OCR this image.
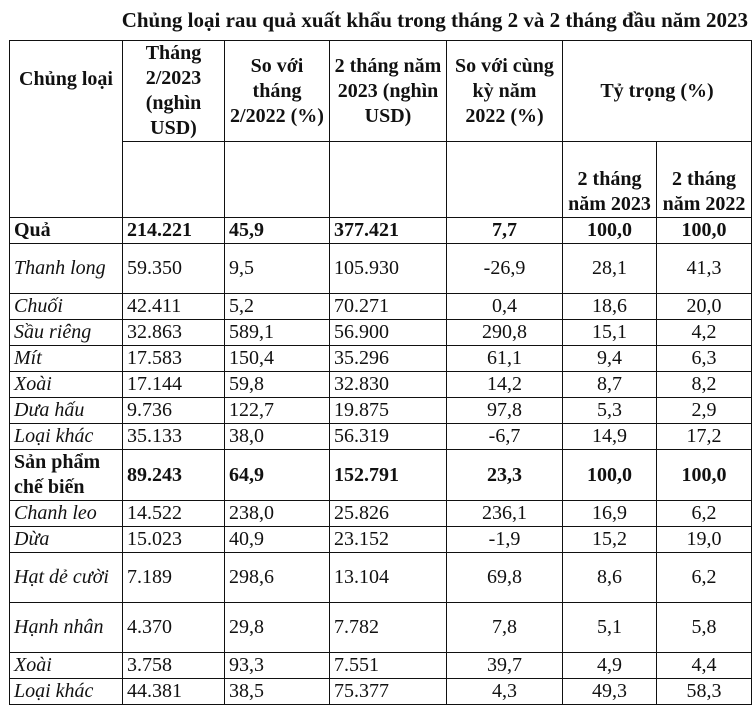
Chủng loại rau quả xuất khẩu trong tháng 2 và 2 tháng đầu năm 2023
Chủng loại	Tháng 2/2023 (nghìn USD)	So với tháng 2/2022 (%)	2 tháng năm 2023 (nghìn USD)	So với cùng kỳ năm 2022 (%)	Tỷ trọng (%)	
					2 tháng năm 2023	2 tháng năm 2022
Quả	214.221	45,9	377.421	7,7	100,0	100,0
Thanh long	59.350	9,5	105.930	-26,9	28,1	41,3
Chuối	42.411	5,2	70.271	0,4	18,6	20,0
Sầu riêng	32.863	589,1	56.900	290,8	15,1	4,2
Mít	17.583	150,4	35.296	61,1	9,4	6,3
Xoài	17.144	59,8	32.830	14,2	8,7	8,2
Dưa hấu	9.736	122,7	19.875	97,8	5,3	2,9
Loại khác	35.133	38,0	56.319	-6,7	14,9	17,2
Sản phẩm chế biến	89.243	64,9	152.791	23,3	100,0	100,0
Chanh leo	14.522	238,0	25.826	236,1	16,9	6,2
Dừa	15.023	40,9	23.152	-1,9	15,2	19,0
Hạt dẻ cười	7.189	298,6	13.104	69,8	8,6	6,2
Hạnh nhân	4.370	29,8	7.782	7,8	5,1	5,8
Xoài	3.758	93,3	7.551	39,7	4,9	4,4
Loại khác	44.381	38,5	75.377	4,3	49,3	58,3
